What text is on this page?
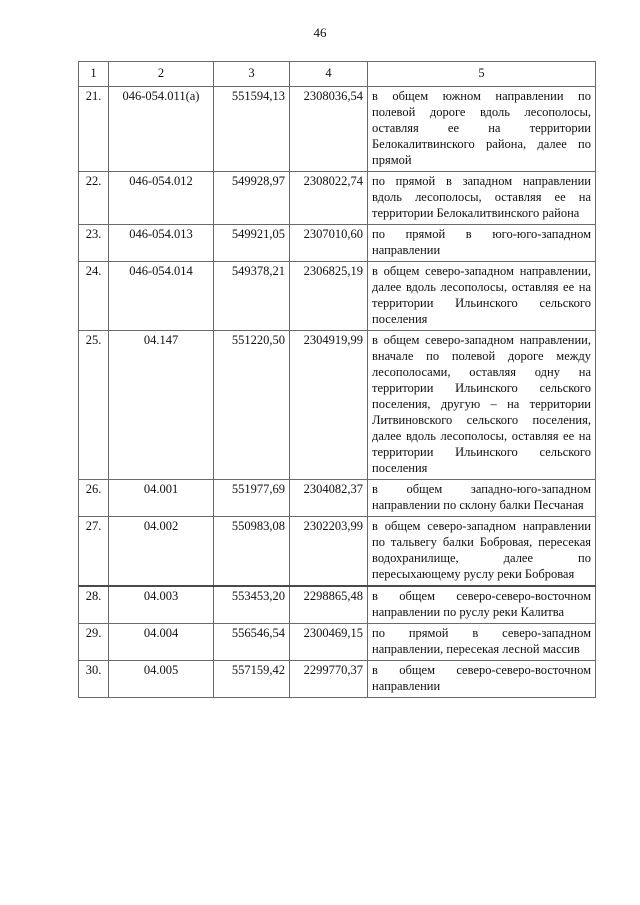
46
1	2	3	4	5
21.	046-054.011(а)	551594,13	2308036,54	в общем южном направлении по полевой дороге вдоль лесополосы, оставляя ее на территории Белокалитвинского района, далее по прямой
22.	046-054.012	549928,97	2308022,74	по прямой в западном направлении вдоль лесополосы, оставляя ее на территории Белокалитвинского района
23.	046-054.013	549921,05	2307010,60	по прямой в юго-юго-западном направлении
24.	046-054.014	549378,21	2306825,19	в общем северо-западном направлении, далее вдоль лесополосы, оставляя ее на территории Ильинского сельского поселения
25.	04.147	551220,50	2304919,99	в общем северо-западном направлении, вначале по полевой дороге между лесополосами, оставляя одну на территории Ильинского сельского поселения, другую – на территории Литвиновского сельского поселения, далее вдоль лесополосы, оставляя ее на территории Ильинского сельского поселения
26.	04.001	551977,69	2304082,37	в общем западно-юго-западном направлении по склону балки Песчаная
27.	04.002	550983,08	2302203,99	в общем северо-западном направлении по тальвегу балки Бобровая, пересекая водохранилище, далее по пересыхающему руслу реки Бобровая
28.	04.003	553453,20	2298865,48	в общем северо-северо-восточном направлении по руслу реки Калитва
29.	04.004	556546,54	2300469,15	по прямой в северо-западном направлении, пересекая лесной массив
30.	04.005	557159,42	2299770,37	в общем северо-северо-восточном направлении
